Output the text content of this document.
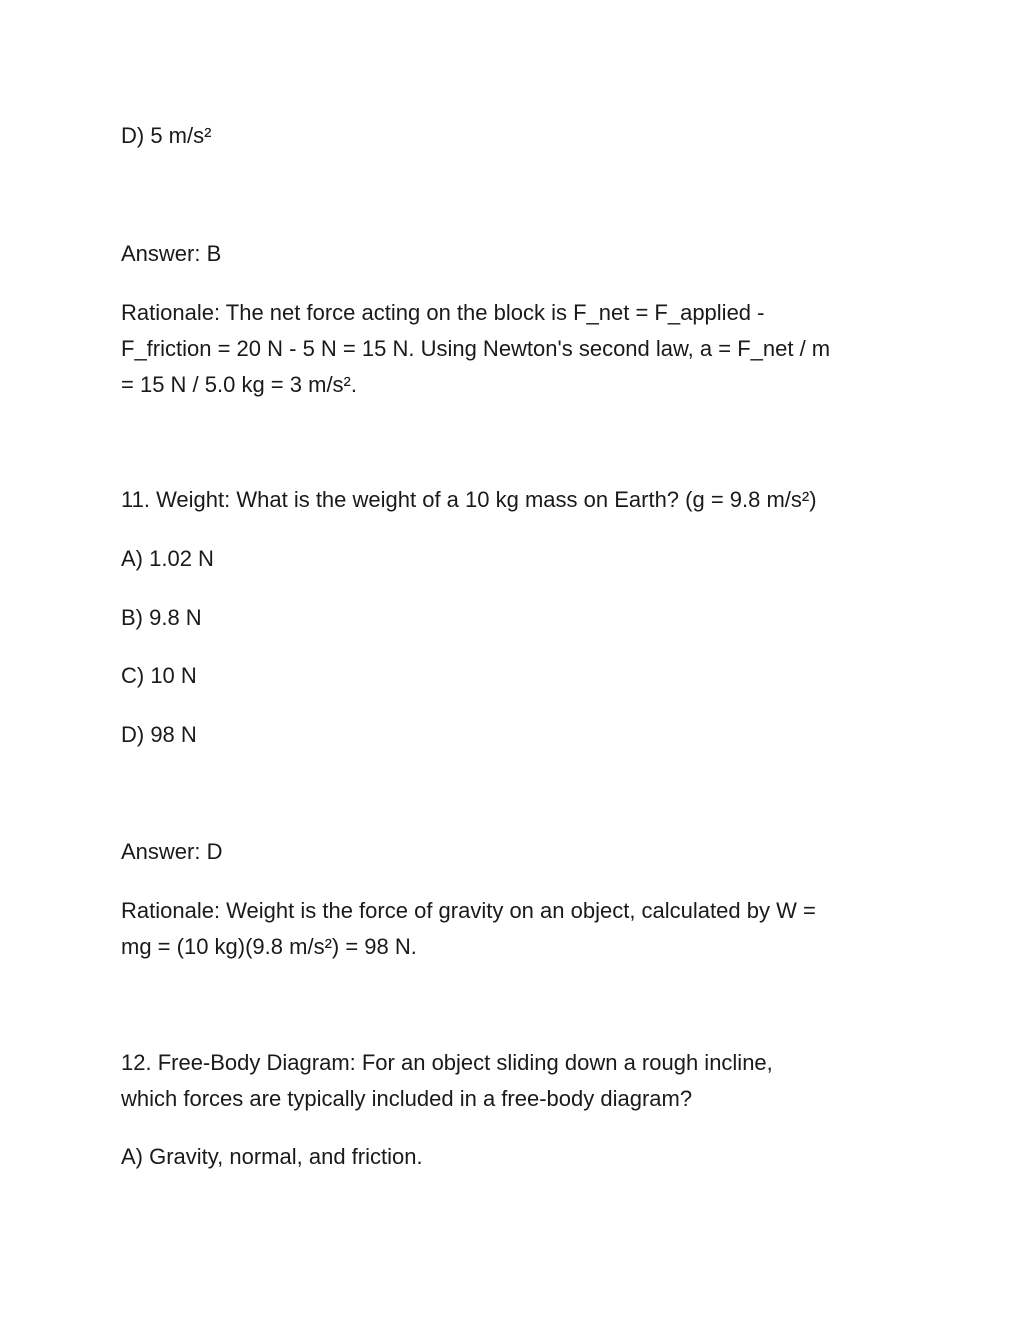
D) 5 m/s²
Answer: B
Rationale: The net force acting on the block is F_net = F_applied -
F_friction = 20 N - 5 N = 15 N. Using Newton's second law, a = F_net / m
= 15 N / 5.0 kg = 3 m/s².
11. Weight: What is the weight of a 10 kg mass on Earth? (g = 9.8 m/s²)
A) 1.02 N
B) 9.8 N
C) 10 N
D) 98 N
Answer: D
Rationale: Weight is the force of gravity on an object, calculated by W =
mg = (10 kg)(9.8 m/s²) = 98 N.
12. Free-Body Diagram: For an object sliding down a rough incline,
which forces are typically included in a free-body diagram?
A) Gravity, normal, and friction.
